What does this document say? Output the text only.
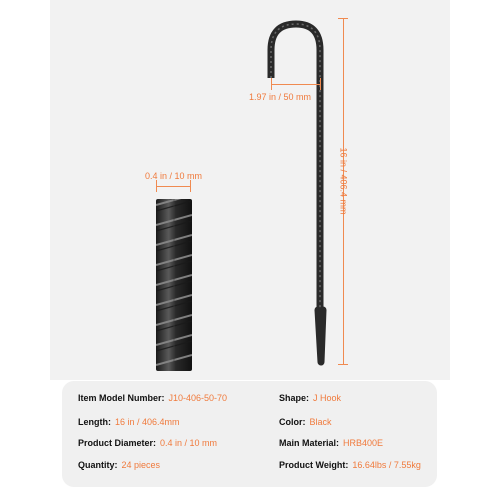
0.4 in / 10 mm
1.97 in / 50 mm
16 in / 406.4 mm
Item Model Number: J10-406-50-70	Shape: J Hook
Length: 16 in / 406.4mm	Color: Black
Product Diameter: 0.4 in / 10 mm	Main Material: HRB400E
Quantity: 24 pieces	Product Weight: 16.64lbs / 7.55kg
